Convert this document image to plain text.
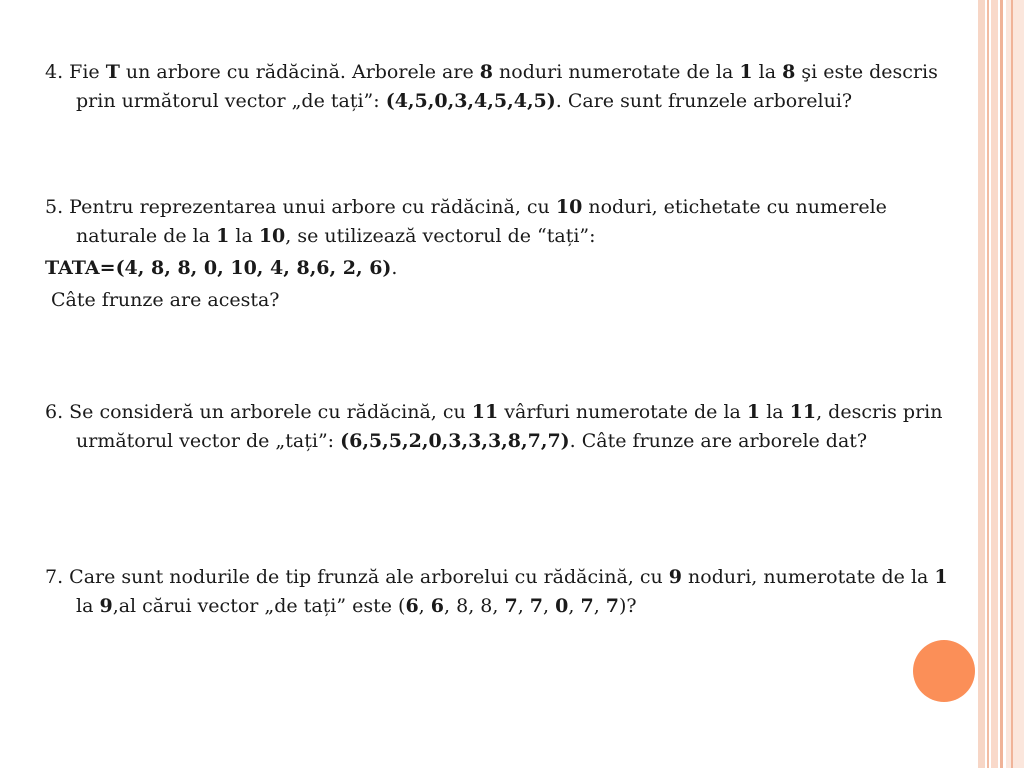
4. Fie T un arbore cu rădăcină. Arborele are 8 noduri numerotate de la 1 la 8 şi este descris prin următorul vector „de tați”: (4,5,0,3,4,5,4,5). Care sunt frunzele arborelui?

5. Pentru reprezentarea unui arbore cu rădăcină, cu 10 noduri, etichetate cu numerele naturale de la 1 la 10, se utilizează vectorul de “tați”:

TATA=(4, 8, 8, 0, 10, 4, 8,6, 2, 6).

Câte frunze are acesta?

6. Se consideră un arborele cu rădăcină, cu 11 vârfuri numerotate de la 1 la 11, descris prin următorul vector de „tați”: (6,5,5,2,0,3,3,3,8,7,7). Câte frunze are arborele dat?

7. Care sunt nodurile de tip frunză ale arborelui cu rădăcină, cu 9 noduri, numerotate de la 1 la 9,al cărui vector „de tați” este (6, 6, 8, 8, 7, 7, 0, 7, 7)?
